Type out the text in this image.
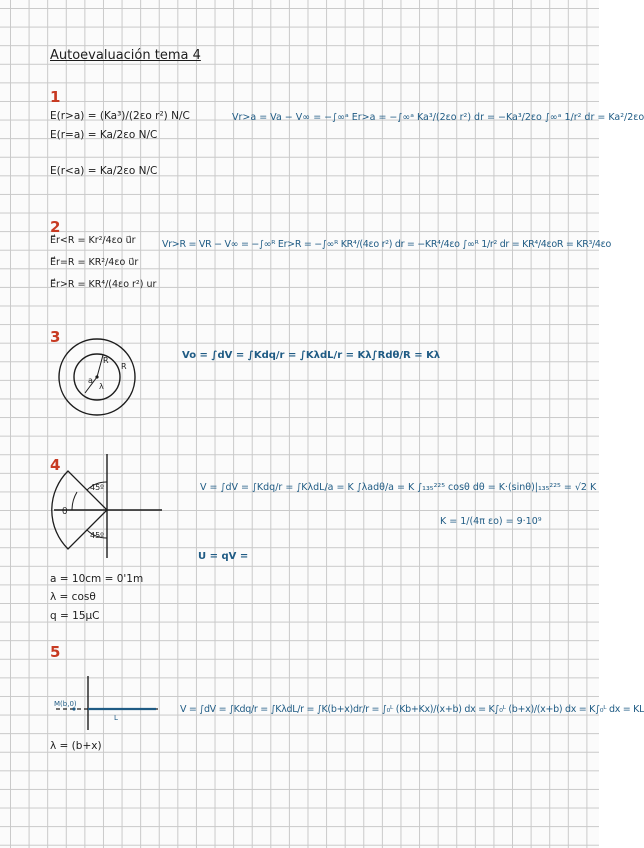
Autoevaluación tema 4
1
E(r>a) = (Ka³)/(2εo r²) N/C
E(r=a) = Ka/2εo N/C
E(r<a) = Ka/2εo N/C
Vr>a = Va − V∞ = −∫∞ᵃ Er>a = −∫∞ᵃ Ka³/(2εo r²) dr = −Ka³/2εo ∫∞ᵃ 1/r² dr = Ka²/2εo
2
E⃗r<R = Kr²/4εo u⃗r
E⃗r=R = KR²/4εo u⃗r
E⃗r>R = KR⁴/(4εo r²) ur
Vr>R = VR − V∞ = −∫∞ᴿ Er>R = −∫∞ᴿ KR⁴/(4εo r²) dr = −KR⁴/4εo ∫∞ᴿ 1/r² dr = KR⁴/4εoR = KR³/4εo
3
R
a
λ
R
Vo = ∫dV = ∫Kdq/r = ∫KλdL/r = Kλ∫Rdθ/R = Kλ
4
45º
θ
45º
V = ∫dV = ∫Kdq/r = ∫KλdL/a = K ∫λadθ/a = K ∫₁₃₅²²⁵ cosθ dθ = K·(sinθ)|₁₃₅²²⁵ = √2 K
K = 1/(4π εo) = 9·10⁹
U = qV =
a = 10cm = 0'1m
λ = cosθ
q = 15μC
5
M(b,0)
L
V = ∫dV = ∫Kdq/r = ∫KλdL/r = ∫K(b+x)dr/r = ∫₀ᴸ (Kb+Kx)/(x+b) dx = K∫₀ᴸ (b+x)/(x+b) dx = K∫₀ᴸ dx = KL
λ = (b+x)
